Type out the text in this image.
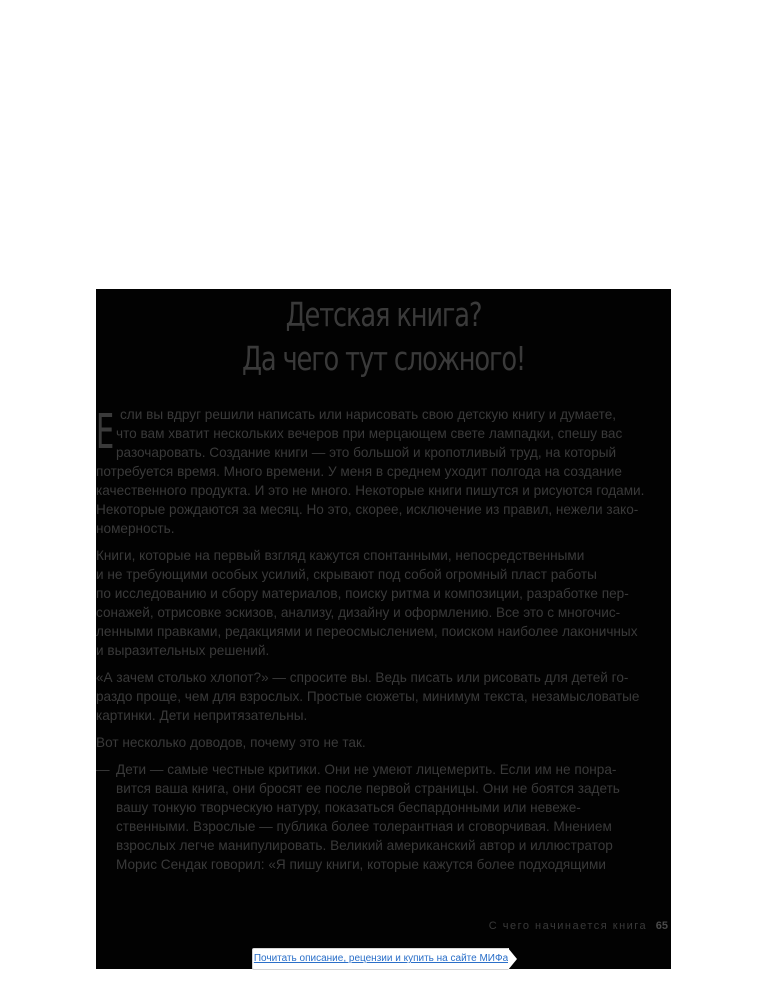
Детская книга?
Да чего тут сложного!
Е сли вы вдруг решили написать или нарисовать свою детскую книгу и думаете,
что вам хватит нескольких вечеров при мерцающем свете лампадки, спешу вас
разочаровать. Создание книги — это большой и кропотливый труд, на который
потребуется время. Много времени. У меня в среднем уходит полгода на создание
качественного продукта. И это не много. Некоторые книги пишутся и рисуются годами.
Некоторые рождаются за месяц. Но это, скорее, исключение из правил, нежели зако-
номерность.

Книги, которые на первый взгляд кажутся спонтанными, непосредственными
и не требующими особых усилий, скрывают под собой огромный пласт работы
по исследованию и сбору материалов, поиску ритма и композиции, разработке пер-
сонажей, отрисовке эскизов, анализу, дизайну и оформлению. Все это с многочис-
ленными правками, редакциями и переосмыслением, поиском наиболее лаконичных
и выразительных решений.

«А зачем столько хлопот?» — спросите вы. Ведь писать или рисовать для детей го-
раздо проще, чем для взрослых. Простые сюжеты, минимум текста, незамысловатые
картинки. Дети непритязательны.

Вот несколько доводов, почему это не так.

— Дети — самые честные критики. Они не умеют лицемерить. Если им не понра-
вится ваша книга, они бросят ее после первой страницы. Они не боятся задеть
вашу тонкую творческую натуру, показаться беспардонными или невеже-
ственными. Взрослые — публика более толерантная и сговорчивая. Мнением
взрослых легче манипулировать. Великий американский автор и иллюстратор
Морис Сендак говорил: «Я пишу книги, которые кажутся более подходящими

С чего начинается книга 65
Почитать описание, рецензии и купить на сайте МИФа
